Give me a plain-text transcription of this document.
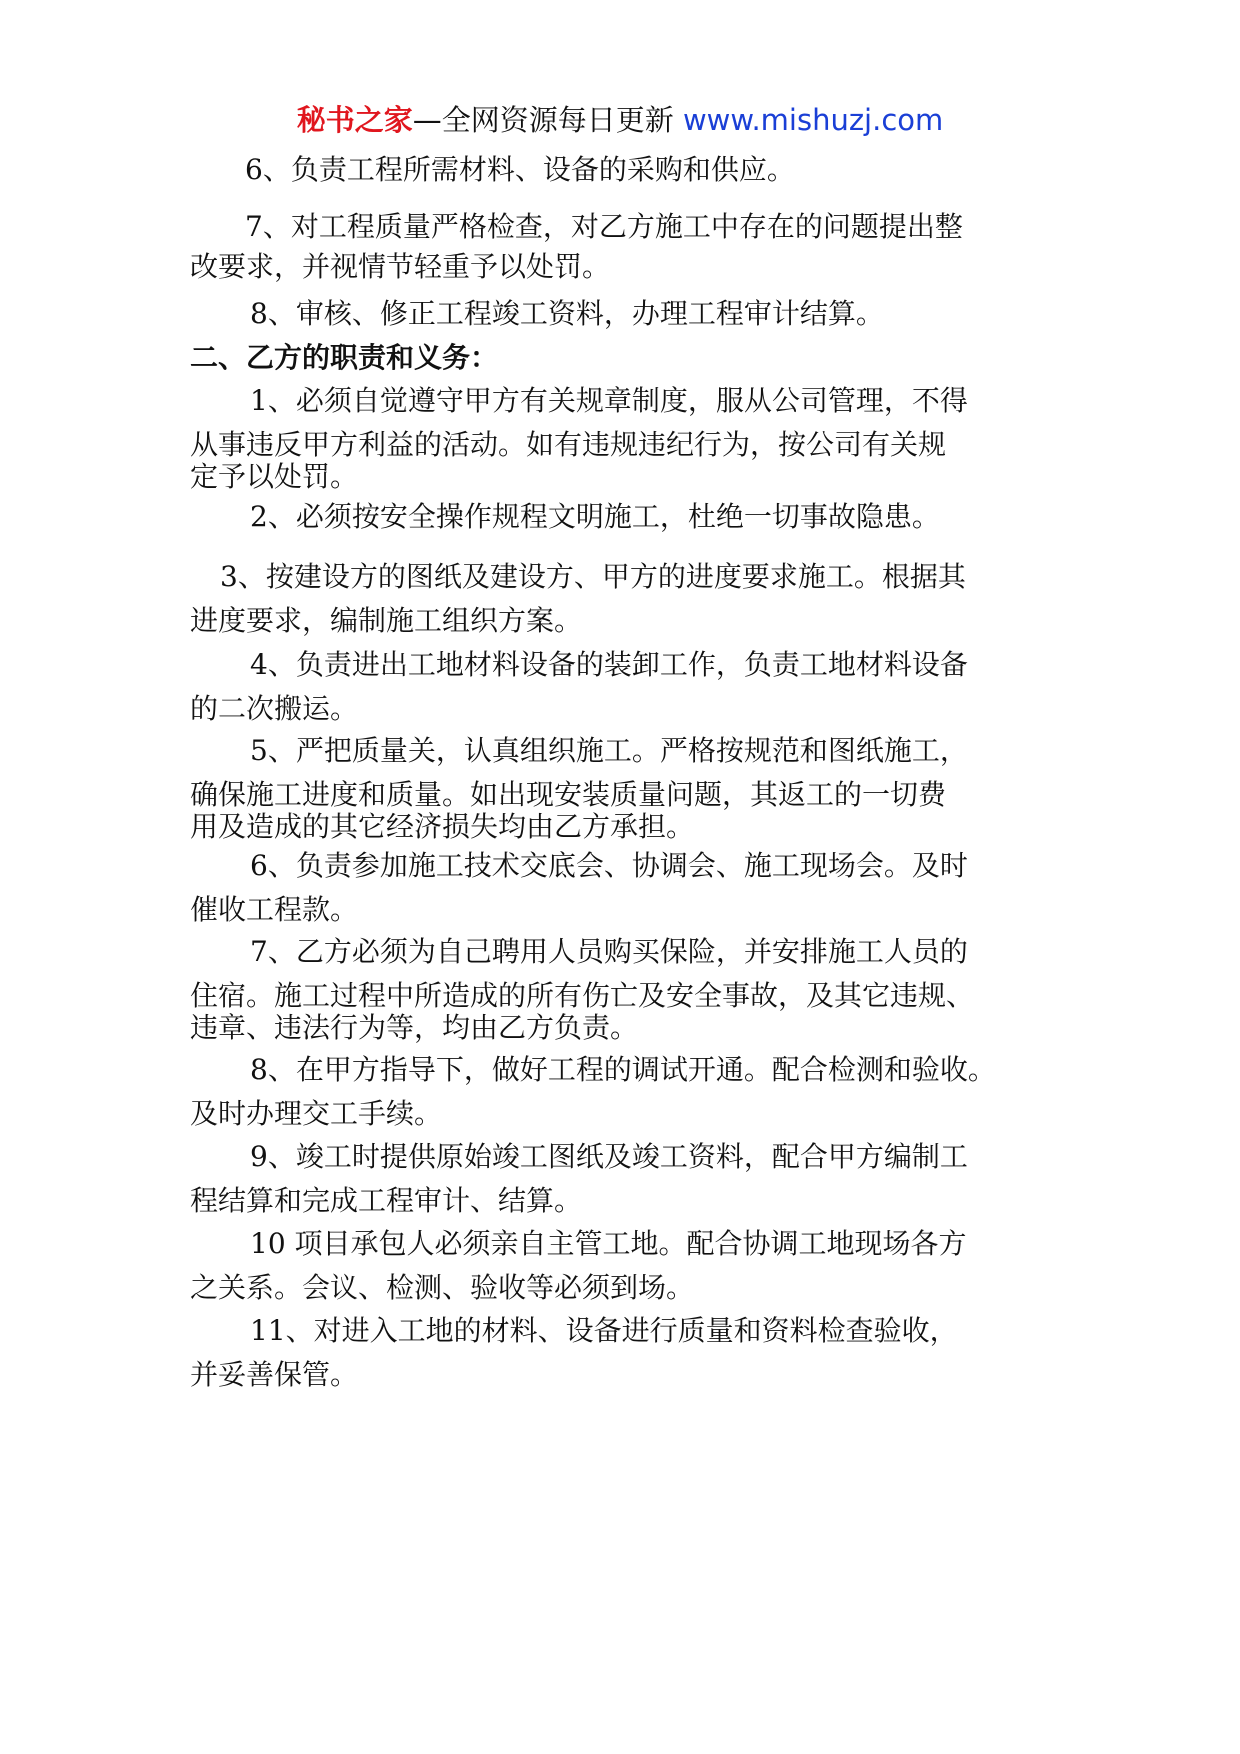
秘书之家—全网资源每日更新 www.mishuzj.com

6、负责工程所需材料、设备的采购和供应。

7、对工程质量严格检查，对乙方施工中存在的问题提出整
改要求，并视情节轻重予以处罚。

8、审核、修正工程竣工资料，办理工程审计结算。

二、乙方的职责和义务：

1、必须自觉遵守甲方有关规章制度，服从公司管理，不得
从事违反甲方利益的活动。如有违规违纪行为，按公司有关规
定予以处罚。

2、必须按安全操作规程文明施工，杜绝一切事故隐患。

3、按建设方的图纸及建设方、甲方的进度要求施工。根据其
进度要求，编制施工组织方案。

4、负责进出工地材料设备的装卸工作，负责工地材料设备
的二次搬运。

5、严把质量关，认真组织施工。严格按规范和图纸施工，
确保施工进度和质量。如出现安装质量问题，其返工的一切费
用及造成的其它经济损失均由乙方承担。

6、负责参加施工技术交底会、协调会、施工现场会。及时
催收工程款。

7、乙方必须为自己聘用人员购买保险，并安排施工人员的
住宿。施工过程中所造成的所有伤亡及安全事故，及其它违规、
违章、违法行为等，均由乙方负责。

8、在甲方指导下，做好工程的调试开通。配合检测和验收。
及时办理交工手续。

9、竣工时提供原始竣工图纸及竣工资料，配合甲方编制工
程结算和完成工程审计、结算。

10 项目承包人必须亲自主管工地。配合协调工地现场各方
之关系。会议、检测、验收等必须到场。

11、对进入工地的材料、设备进行质量和资料检查验收，
并妥善保管。
